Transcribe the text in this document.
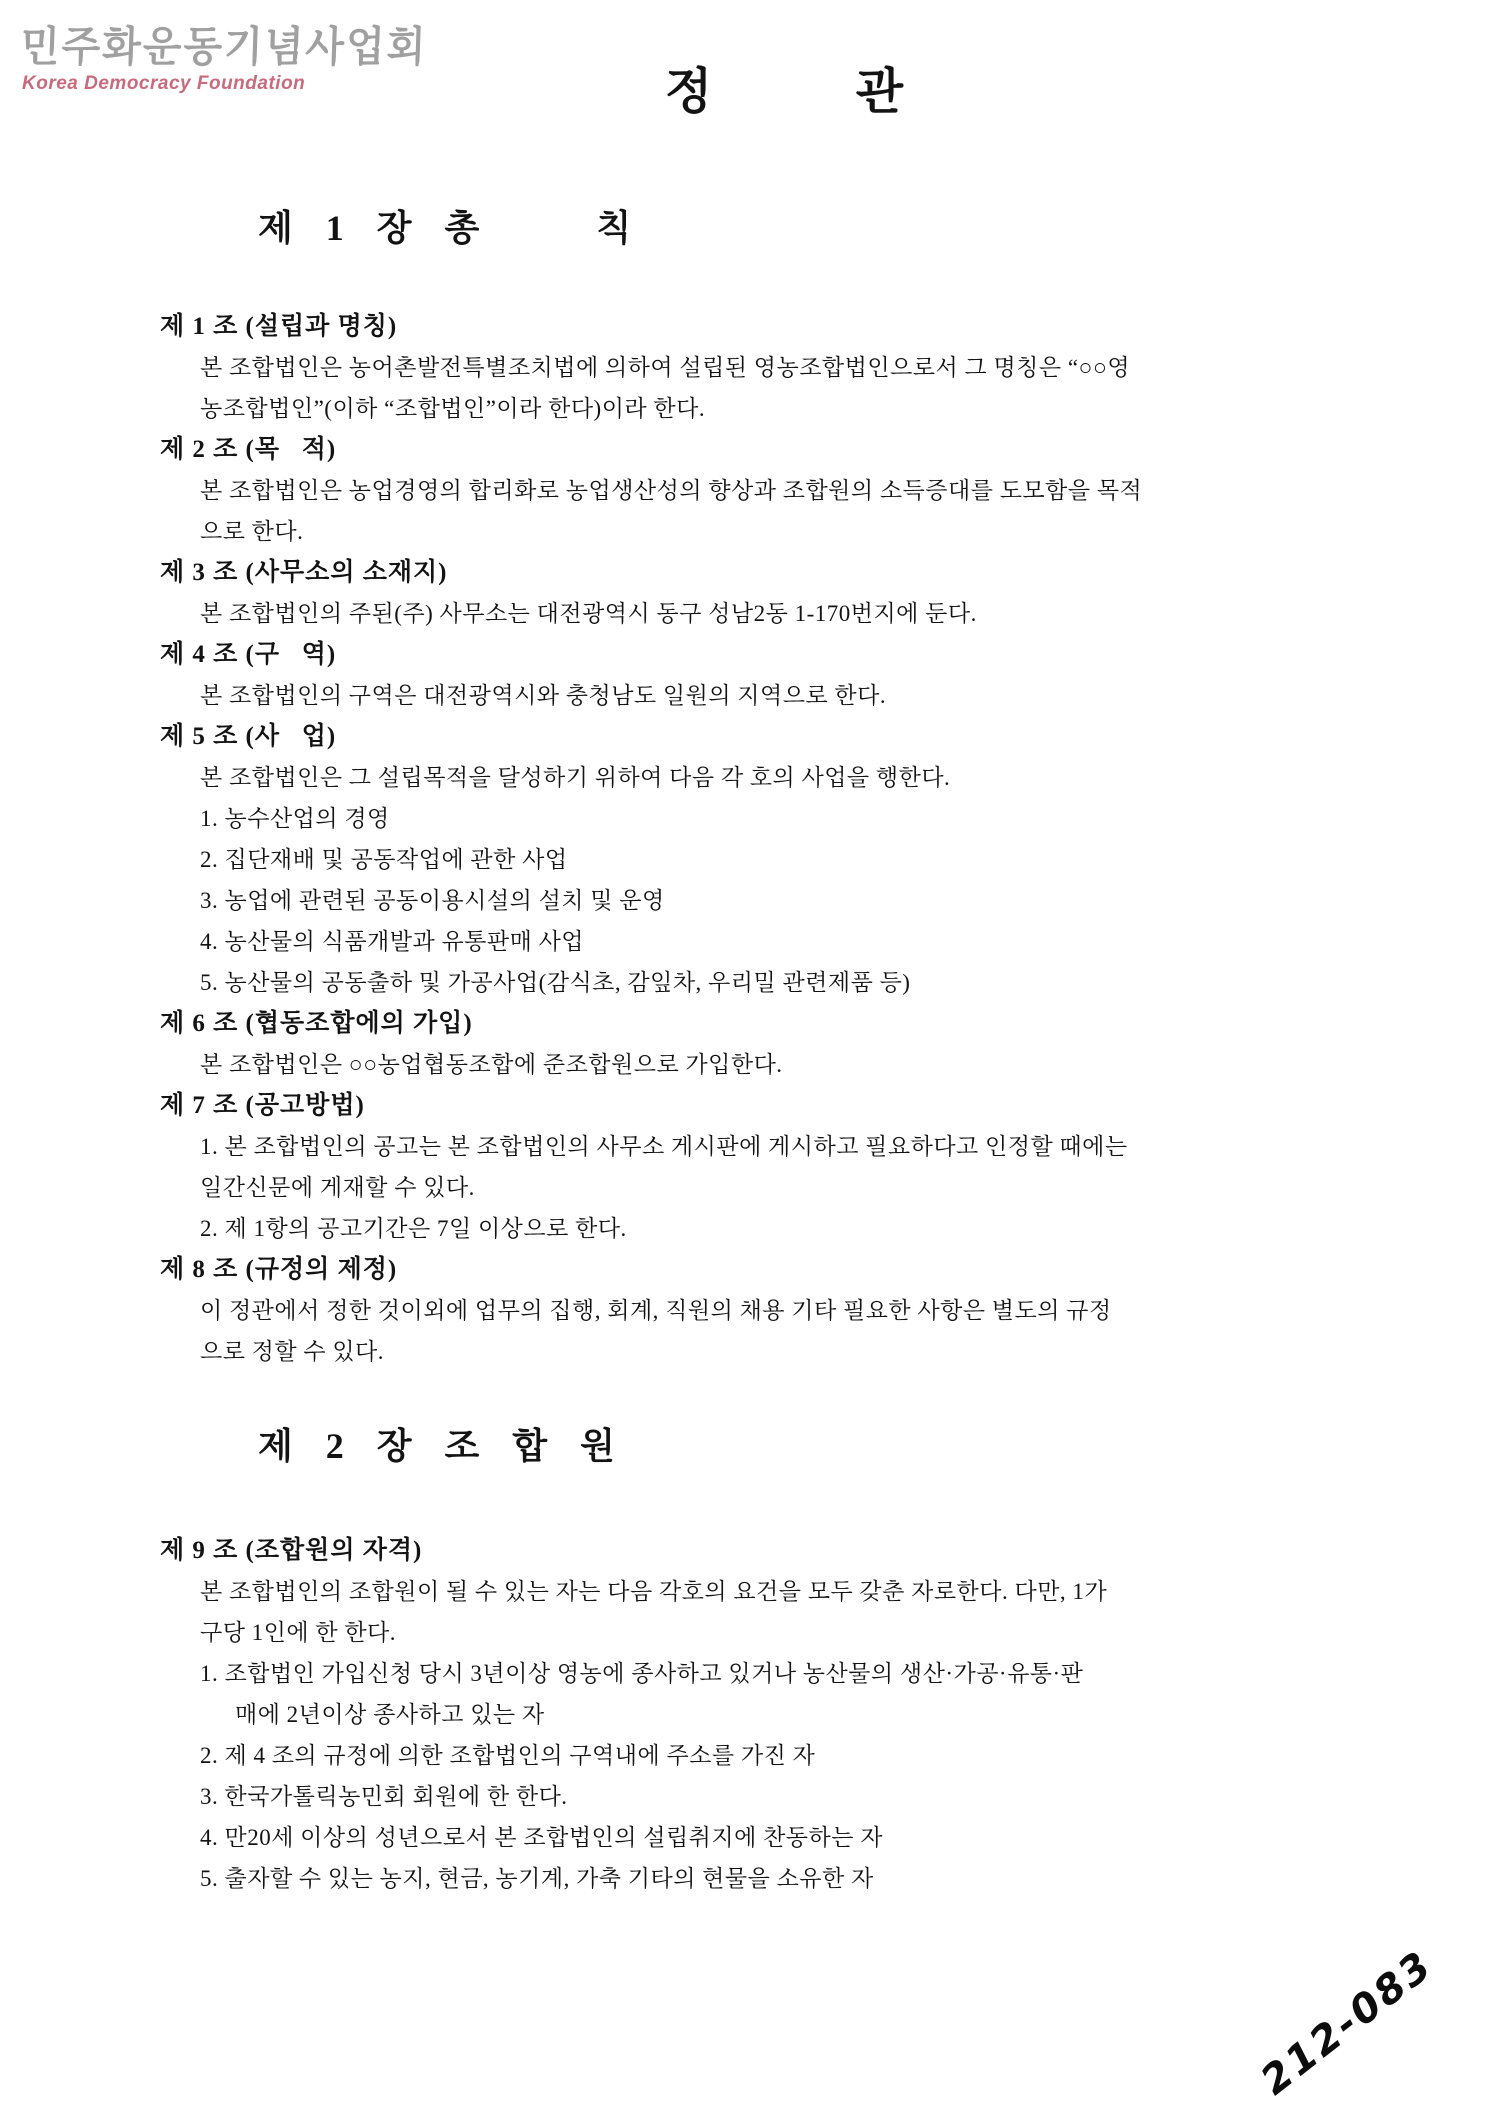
민주화운동기념사업회
Korea Democracy Foundation	정      관
제 1 장 총     칙

제 1 조 (설립과 명칭)

본 조합법인은 농어촌발전특별조치법에 의하여 설립된 영농조합법인으로서 그 명칭은 “○○영

농조합법인”(이하 “조합법인”이라 한다)이라 한다.

제 2 조 (목   적)

본 조합법인은 농업경영의 합리화로 농업생산성의 향상과 조합원의 소득증대를 도모함을 목적

으로 한다.

제 3 조 (사무소의 소재지)

본 조합법인의 주된(주) 사무소는 대전광역시 동구 성남2동 1-170번지에 둔다.

제 4 조 (구   역)

본 조합법인의 구역은 대전광역시와 충청남도 일원의 지역으로 한다.

제 5 조 (사   업)

본 조합법인은 그 설립목적을 달성하기 위하여 다음 각 호의 사업을 행한다.

1. 농수산업의 경영

2. 집단재배 및 공동작업에 관한 사업

3. 농업에 관련된 공동이용시설의 설치 및 운영

4. 농산물의 식품개발과 유통판매 사업

5. 농산물의 공동출하 및 가공사업(감식초, 감잎차, 우리밀 관련제품 등)

제 6 조 (협동조합에의 가입)

본 조합법인은 ○○농업협동조합에 준조합원으로 가입한다.

제 7 조 (공고방법)

1. 본 조합법인의 공고는 본 조합법인의 사무소 게시판에 게시하고 필요하다고 인정할 때에는

일간신문에 게재할 수 있다.

2. 제 1항의 공고기간은 7일 이상으로 한다.

제 8 조 (규정의 제정)

이 정관에서 정한 것이외에 업무의 집행, 회계, 직원의 채용 기타 필요한 사항은 별도의 규정

으로 정할 수 있다.

제 2 장 조 합 원

제 9 조 (조합원의 자격)

본 조합법인의 조합원이 될 수 있는 자는 다음 각호의 요건을 모두 갖춘 자로한다. 다만, 1가

구당 1인에 한 한다.

1. 조합법인 가입신청 당시 3년이상 영농에 종사하고 있거나 농산물의 생산·가공·유통·판

매에 2년이상 종사하고 있는 자

2. 제 4 조의 규정에 의한 조합법인의 구역내에 주소를 가진 자

3. 한국가톨릭농민회 회원에 한 한다.

4. 만20세 이상의 성년으로서 본 조합법인의 설립취지에 찬동하는 자

5. 출자할 수 있는 농지, 현금, 농기계, 가축 기타의 현물을 소유한 자

212-083
